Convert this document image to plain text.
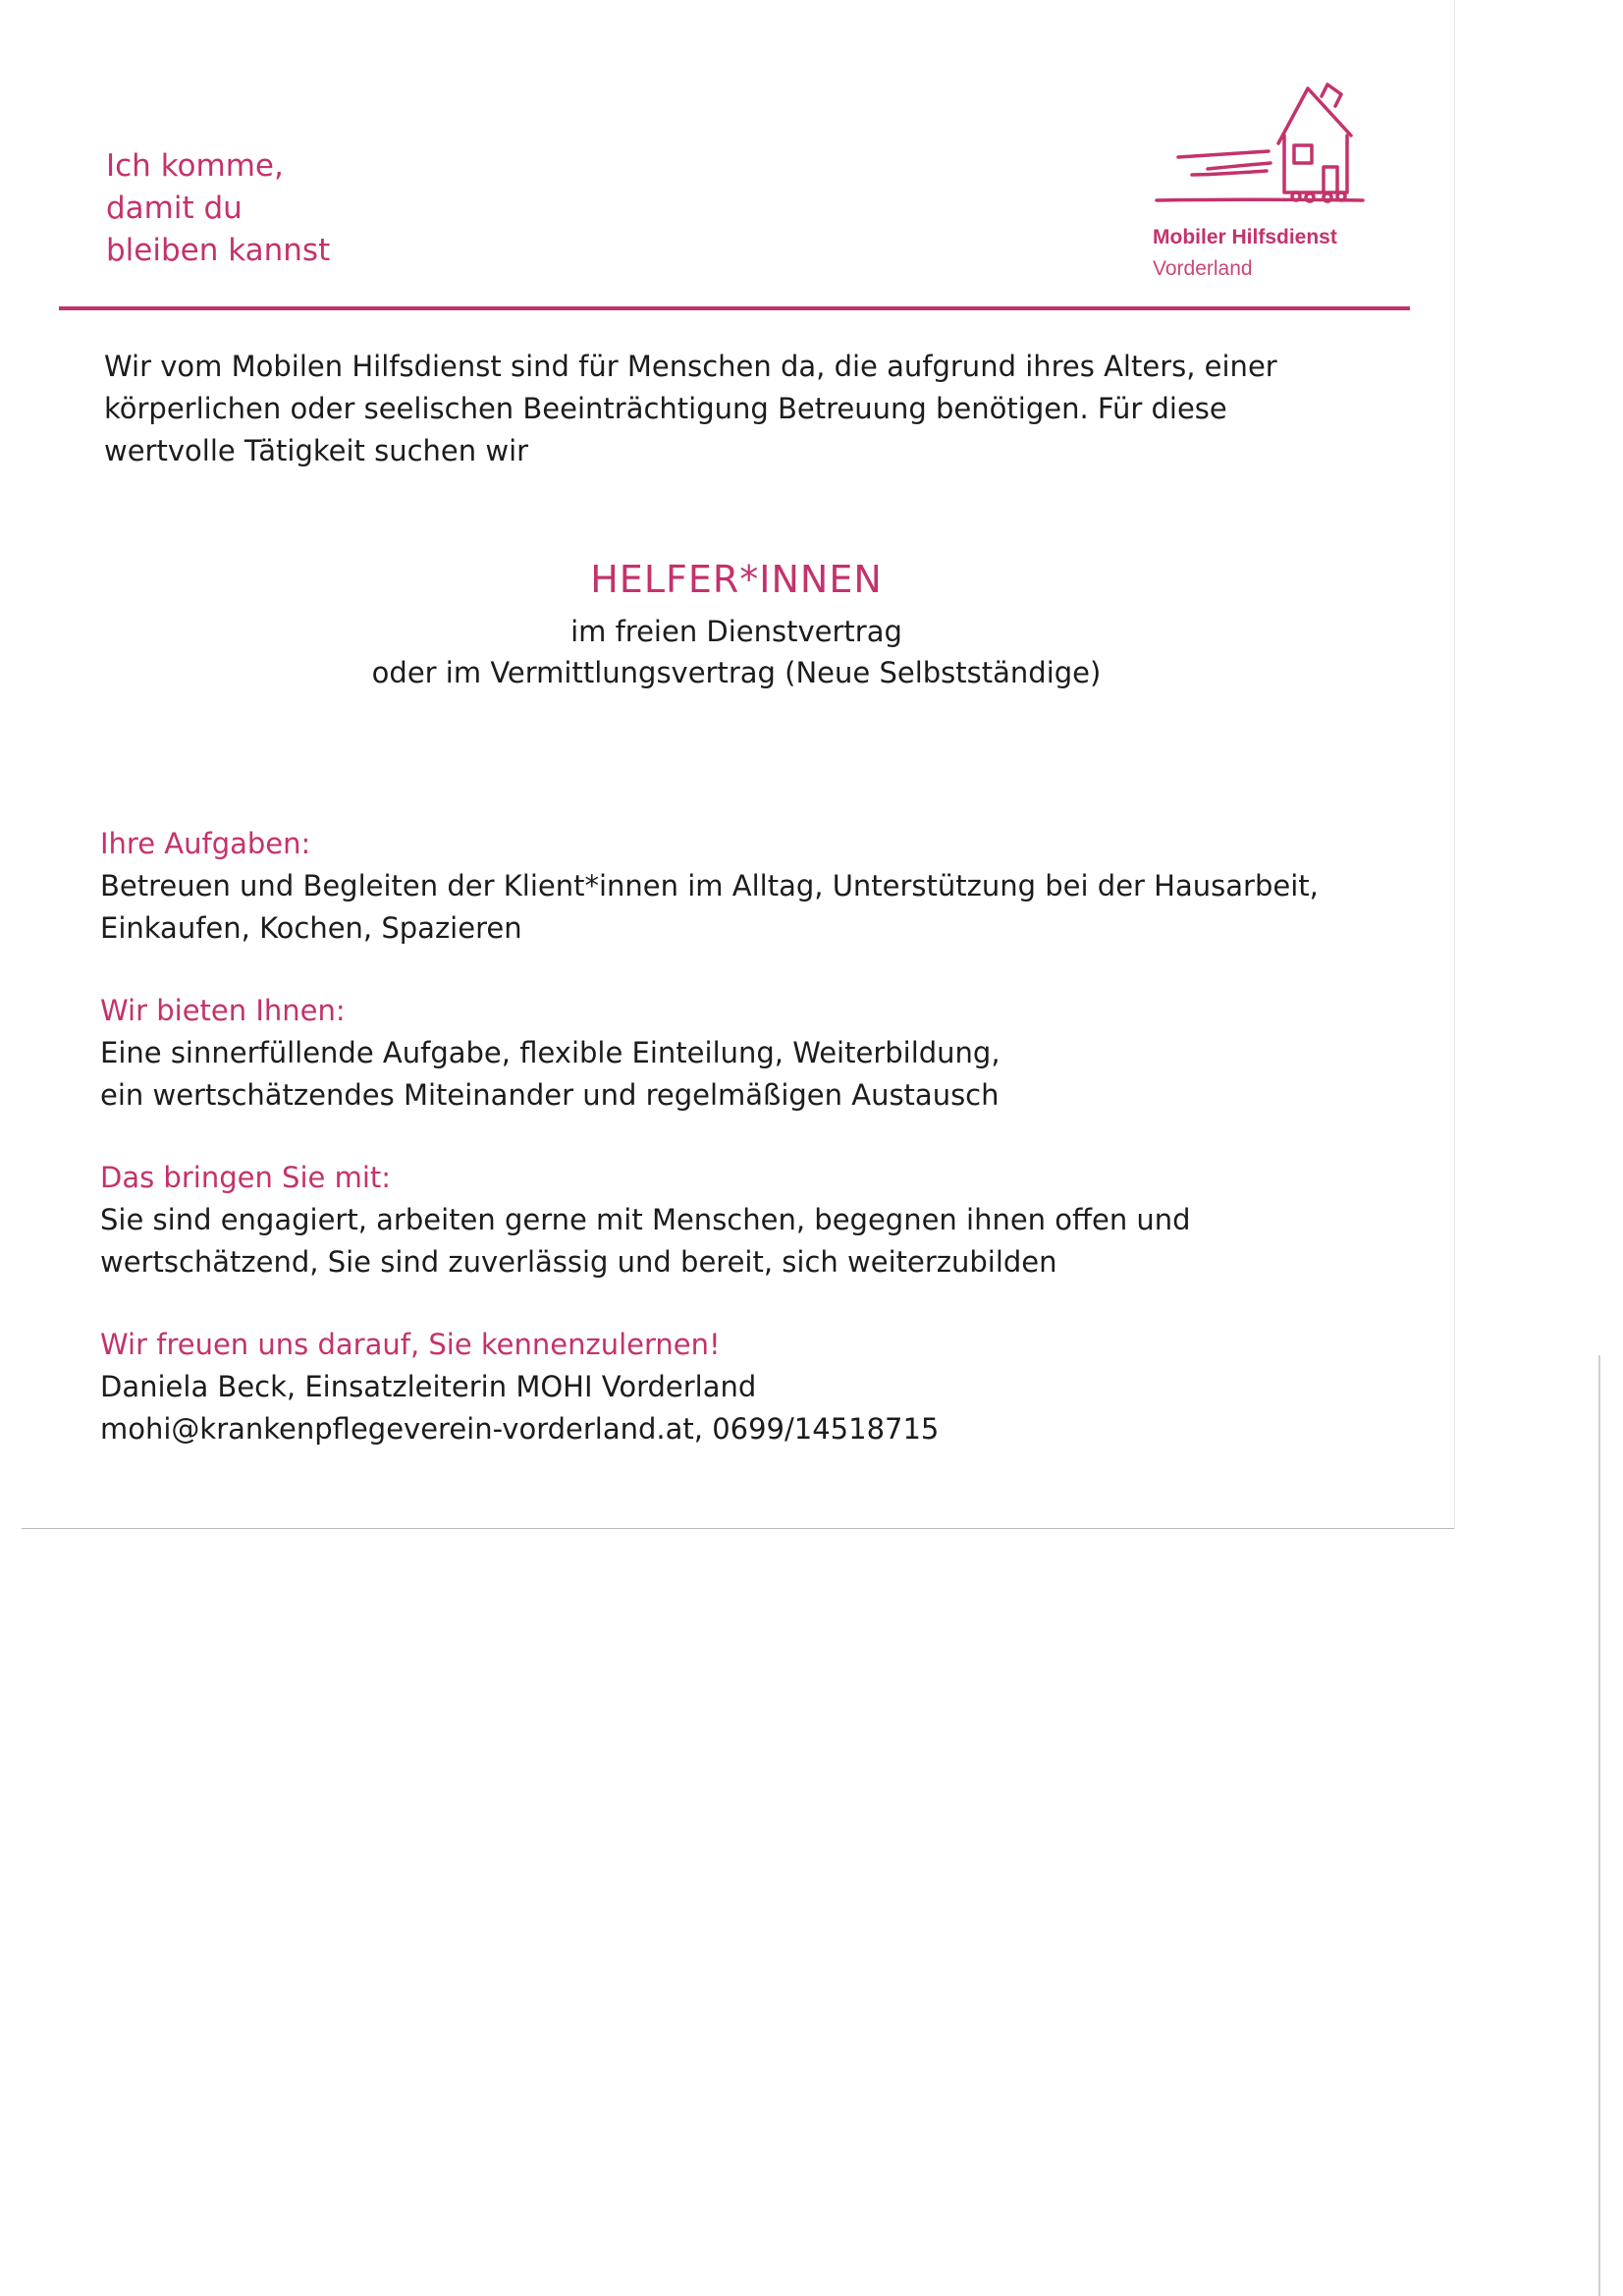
Ich komme,
damit du
bleiben kannst	Mobiler Hilfsdienst
Vorderland
Wir vom Mobilen Hilfsdienst sind für Menschen da, die aufgrund ihres Alters, einer
körperlichen oder seelischen Beeinträchtigung Betreuung benötigen. Für diese
wertvolle Tätigkeit suchen wir
HELFER*INNEN
im freien Dienstvertrag
oder im Vermittlungsvertrag (Neue Selbstständige)
Ihre Aufgaben:
Betreuen und Begleiten der Klient*innen im Alltag, Unterstützung bei der Hausarbeit,
Einkaufen, Kochen, Spazieren
Wir bieten Ihnen:
Eine sinnerfüllende Aufgabe, flexible Einteilung, Weiterbildung,
ein wertschätzendes Miteinander und regelmäßigen Austausch
Das bringen Sie mit:
Sie sind engagiert, arbeiten gerne mit Menschen, begegnen ihnen offen und
wertschätzend, Sie sind zuverlässig und bereit, sich weiterzubilden
Wir freuen uns darauf, Sie kennenzulernen!
Daniela Beck, Einsatzleiterin MOHI Vorderland
mohi@krankenpflegeverein-vorderland.at, 0699/14518715
